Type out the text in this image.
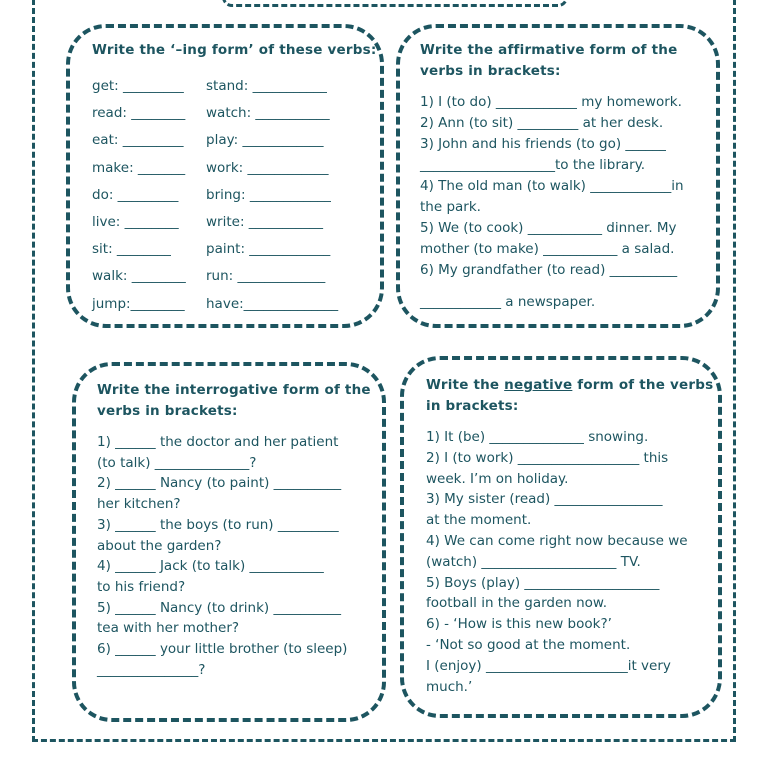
Write the ‘–ing form’ of these verbs:
get: _________ stand: ___________
read: ________ watch: ___________
eat: _________ play: ____________
make: _______ work: ____________
do: _________ bring: ____________
live: ________ write: ___________
sit: ________	paint: ____________
walk: ________ run: _____________
jump:________ have:______________
Write the affirmative form of the
verbs in brackets:
1) I (to do) ____________ my homework.
2) Ann (to sit) _________ at her desk.
3) John and his friends (to go) ______
____________________to the library.
4) The old man (to walk) ____________in
the park.
5) We (to cook) ___________ dinner. My
mother (to make) ___________ a salad.
6) My grandfather (to read) __________
____________ a newspaper.
Write the interrogative form of the
verbs in brackets:
1) ______ the doctor and her patient
(to talk) ______________?
2) ______ Nancy (to paint) __________
her kitchen?
3) ______ the boys (to run) _________
about the garden?
4) ______ Jack (to talk) ___________
to his friend?
5) ______ Nancy (to drink) __________
tea with her mother?
6) ______ your little brother (to sleep)
_______________?
Write the negative form of the verbs
in brackets:
1) It (be) ______________ snowing.
2) I (to work) __________________ this
week. I’m on holiday.
3) My sister (read) ________________
at the moment.
4) We can come right now because we
(watch) ____________________ TV.
5) Boys (play) ____________________
football in the garden now.
6) - ‘How is this new book?’
- ‘Not so good at the moment.
I (enjoy) _____________________it very
much.’
